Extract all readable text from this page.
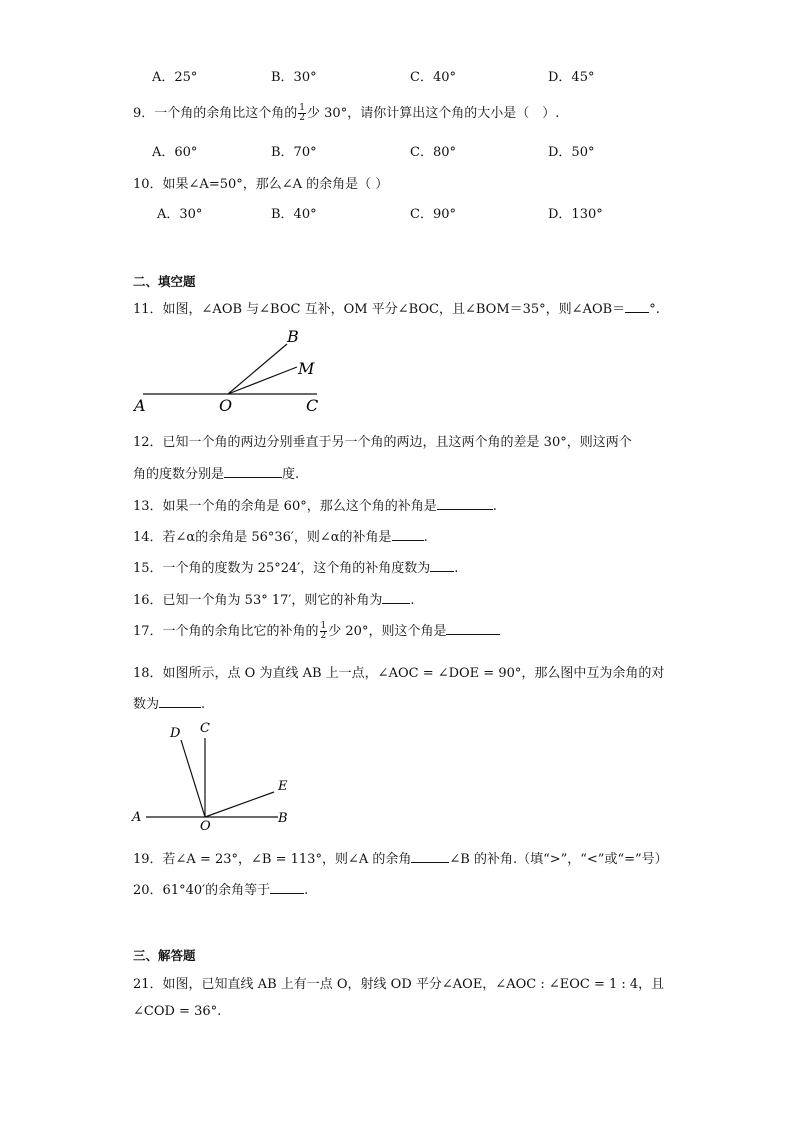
A．25°	B．30°	C．40°	D．45°
9．一个角的余角比这个角的 $\frac{1}{2}$ 少 30°，请你计算出这个角的大小是（　）.
A．60°	B．70°	C．80°	D．50°
10．如果∠A=50°，那么∠A 的余角是（ ）
A．30°	B．40°	C．90°	D．130°
二、填空题
11．如图，∠AOB 与∠BOC 互补，OM 平分∠BOC，且∠BOM＝35°，则∠AOB＝ °.
A	O	C
B
M
12．已知一个角的两边分别垂直于另一个角的两边，且这两个角的差是 30°，则这两个
角的度数分别是	度.
13．如果一个角的余角是 60°，那么这个角的补角是	.
14．若∠α的余角是 56°36′，则∠α的补角是 .
15．一个角的度数为 25°24′，这个角的补角度数为 .
16．已知一个角为 53° 17′，则它的补角为 .
17．一个角的余角比它的补角的 $\frac{1}{2}$ 少 20°，则这个角是
18．如图所示，点 O 为直线 AB 上一点，∠AOC = ∠DOE = 90°，那么图中互为余角的对
数为	.
A
O
B
C
D
E
19．若∠A = 23°，∠B = 113°，则∠A 的余角	∠B 的补角.（填“>”，“<”或“=”号）
20．61°40′的余角等于	.
三、解答题
21．如图，已知直线 AB 上有一点 O，射线 OD 平分∠AOE，∠AOC : ∠EOC = 1 : 4，且
∠COD = 36°.
